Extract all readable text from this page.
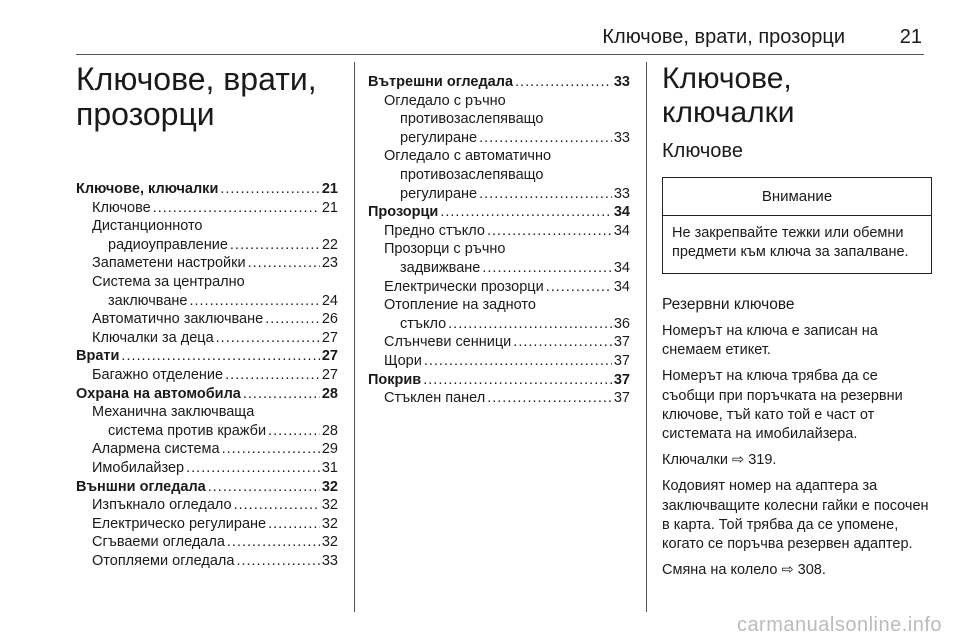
Ключове, врати, прозорци	21
Ключове, врати,
прозорци
Ключове, ключалки .....	21
Ключове .....	21
Дистанционното
радиоуправление .....	22
Запаметени настройки .....	23
Система за централно
заключване .....	24
Автоматично заключване .....	26
Ключалки за деца .....	27
Врати .....	27
Багажно отделение .....	27
Охрана на автомобила .....	28
Механична заключваща
система против кражби .....	28
Алармена система .....	29
Имобилайзер .....	31
Външни огледала .....	32
Изпъкнало огледало .....	32
Електрическо регулиране .....	32
Сгъваеми огледала .....	32
Отопляеми огледала .....	33
Вътрешни огледала .....	33
Огледало с ръчно
противозаслепяващо
регулиране .....	33
Огледало с автоматично
противозаслепяващо
регулиране .....	33
Прозорци .....	34
Предно стъкло .....	34
Прозорци с ръчно
задвижване .....	34
Електрически прозорци .....	34
Отопление на задното
стъкло .....	36
Слънчеви сенници .....	37
Щори .....	37
Покрив .....	37
Стъклен панел .....	37
Ключове, ключалки
Ключове
Внимание
Не закрепвайте тежки или обемни предмети към ключа за запалване.
Резервни ключове

Номерът на ключа е записан на снемаем етикет.

Номерът на ключа трябва да се съобщи при поръчката на резервни ключове, тъй като той е част от системата на имобилайзера.

Ключалки ⇨ 319.

Кодовият номер на адаптера за заключващите колесни гайки е посочен в карта. Той трябва да се упомене, когато се поръчва резервен адаптер.

Смяна на колело ⇨ 308.

carmanualsonline.info
